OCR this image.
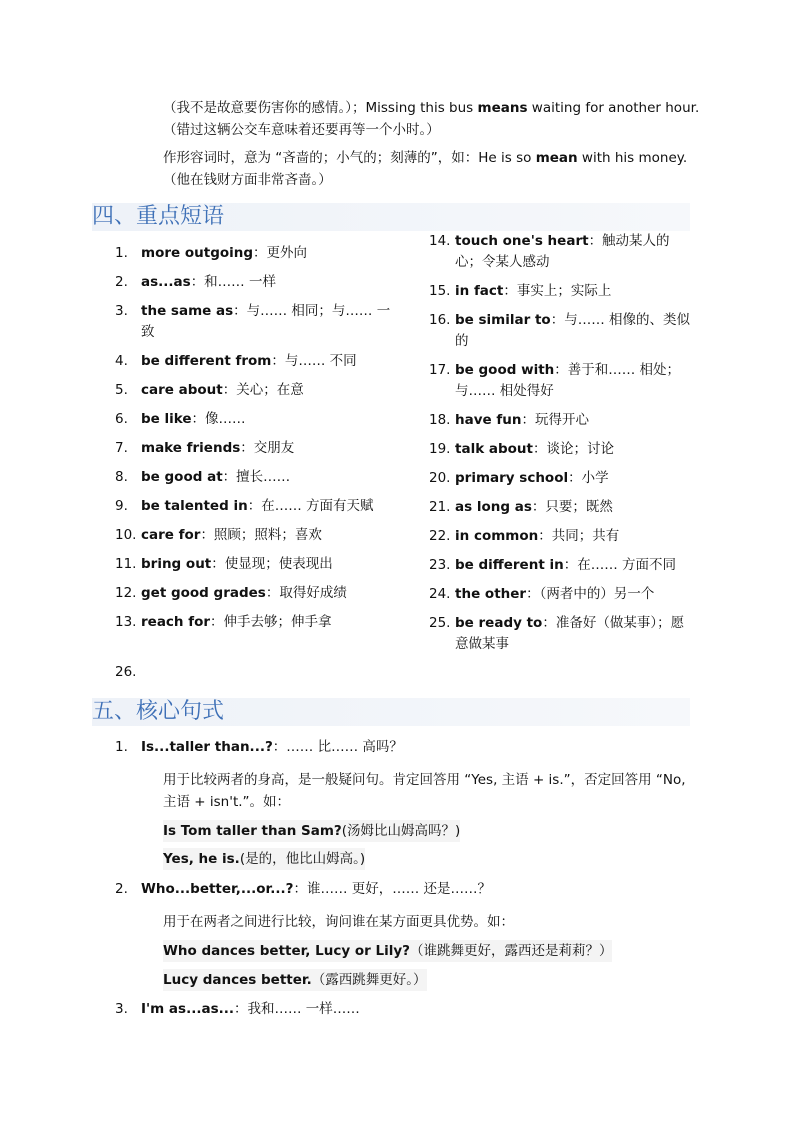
（我不是故意要伤害你的感情。）；Missing this bus means waiting for another hour.（错过这辆公交车意味着还要再等一个小时。）
作形容词时，意为 “吝啬的；小气的；刻薄的”，如：He is so mean with his money.（他在钱财方面非常吝啬。）
四、重点短语
1. more outgoing：更外向
2. as...as：和…… 一样
3. the same as：与…… 相同；与…… 一致
4. be different from：与…… 不同
5. care about：关心；在意
6. be like：像……
7. make friends：交朋友
8. be good at：擅长……
9. be talented in：在…… 方面有天赋
10. care for：照顾；照料；喜欢
11. bring out：使显现；使表现出
12. get good grades：取得好成绩
13. reach for：伸手去够；伸手拿
14. touch one's heart：触动某人的心；令某人感动
15. in fact：事实上；实际上
16. be similar to：与…… 相像的、类似的
17. be good with：善于和…… 相处；与…… 相处得好
18. have fun：玩得开心
19. talk about：谈论；讨论
20. primary school：小学
21. as long as：只要；既然
22. in common：共同；共有
23. be different in：在…… 方面不同
24. the other：（两者中的）另一个
25. be ready to：准备好（做某事）；愿意做某事
26.
五、核心句式
1. Is...taller than...?：…… 比…… 高吗？
用于比较两者的身高，是一般疑问句。肯定回答用 “Yes, 主语 + is.”，否定回答用 “No, 主语 + isn't.”。如：
Is Tom taller than Sam?(汤姆比山姆高吗？)
Yes, he is.(是的，他比山姆高。)
2. Who...better,...or...?：谁…… 更好，…… 还是……？
用于在两者之间进行比较，询问谁在某方面更具优势。如：
Who dances better, Lucy or Lily?（谁跳舞更好，露西还是莉莉？）
Lucy dances better.（露西跳舞更好。）
3. I'm as...as...：我和…… 一样……
